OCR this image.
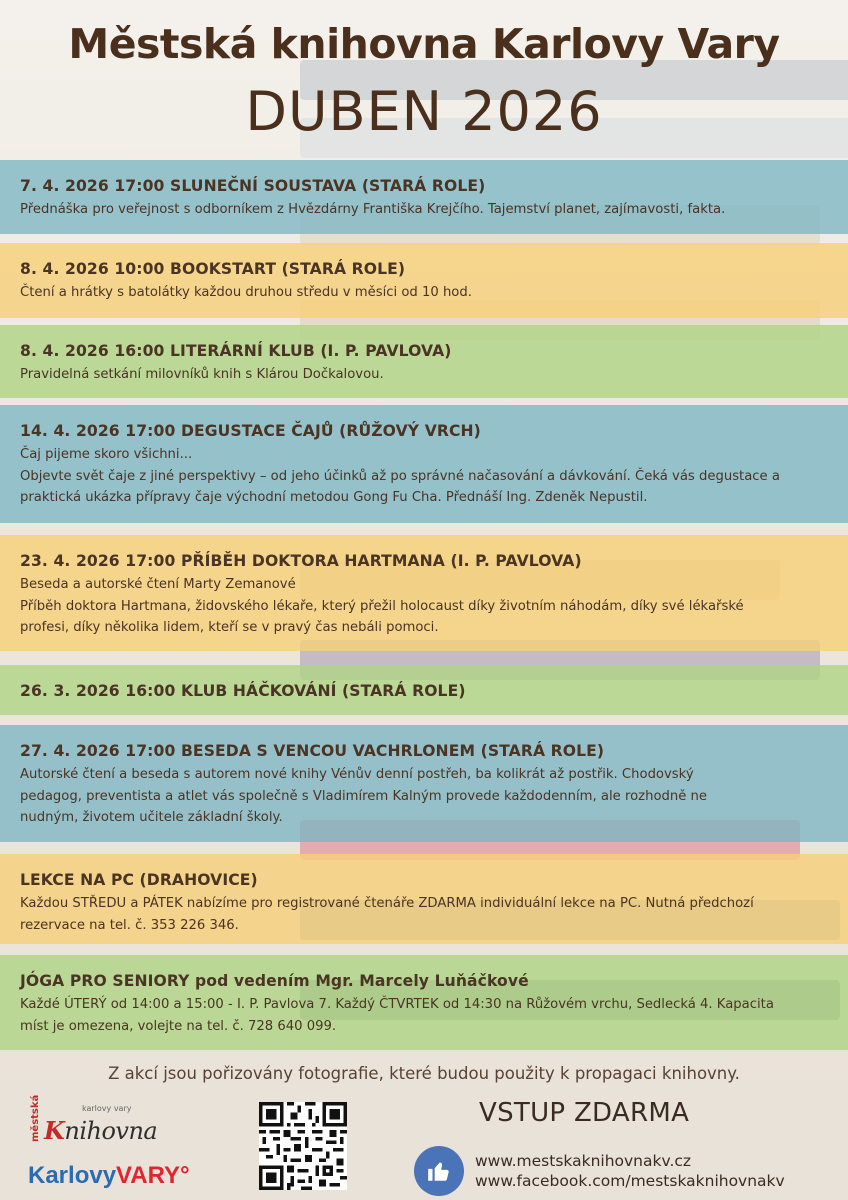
Městská knihovna Karlovy Vary
DUBEN 2026
7. 4. 2026 17:00 SLUNEČNÍ SOUSTAVA (STARÁ ROLE)
Přednáška pro veřejnost s odborníkem z Hvězdárny Františka Krejčího. Tajemství planet, zajímavosti, fakta.
8. 4. 2026 10:00 BOOKSTART (STARÁ ROLE)
Čtení a hrátky s batolátky každou druhou středu v měsíci od 10 hod.
8. 4. 2026 16:00 LITERÁRNÍ KLUB (I. P. PAVLOVA)
Pravidelná setkání milovníků knih s Klárou Dočkalovou.
14. 4. 2026 17:00 DEGUSTACE ČAJŮ (RŮŽOVÝ VRCH)
Čaj pijeme skoro všichni...
Objevte svět čaje z jiné perspektivy – od jeho účinků až po správné načasování a dávkování. Čeká vás degustace a
praktická ukázka přípravy čaje východní metodou Gong Fu Cha. Přednáší Ing. Zdeněk Nepustil.
23. 4. 2026 17:00 PŘÍBĚH DOKTORA HARTMANA (I. P. PAVLOVA)
Beseda a autorské čtení Marty Zemanové
Příběh doktora Hartmana, židovského lékaře, který přežil holocaust díky životním náhodám, díky své lékařské
profesi, díky několika lidem, kteří se v pravý čas nebáli pomoci.
26. 3. 2026 16:00 KLUB HÁČKOVÁNÍ (STARÁ ROLE)
27. 4. 2026 17:00 BESEDA S VENCOU VACHRLONEM (STARÁ ROLE)
Autorské čtení a beseda s autorem nové knihy Vénův denní postřeh, ba kolikrát až postřik. Chodovský
pedagog, preventista a atlet vás společně s Vladimírem Kalným provede každodenním, ale rozhodně ne
nudným, životem učitele základní školy.
LEKCE NA PC (DRAHOVICE)
Každou STŘEDU a PÁTEK nabízíme pro registrované čtenáře ZDARMA individuální lekce na PC. Nutná předchozí
rezervace na tel. č. 353 226 346.
JÓGA PRO SENIORY pod vedením Mgr. Marcely Luňáčkové
Každé ÚTERÝ od 14:00 a 15:00 - I. P. Pavlova 7. Každý ČTVRTEK od 14:30 na Růžovém vrchu, Sedlecká 4. Kapacita
míst je omezena, volejte na tel. č. 728 640 099.
Z akcí jsou pořizovány fotografie, které budou použity k propagaci knihovny.
městská	karlovy vary
Knihovna
KarlovyVARY°
VSTUP ZDARMA
www.mestskaknihovnakv.cz
www.facebook.com/mestskaknihovnakv
